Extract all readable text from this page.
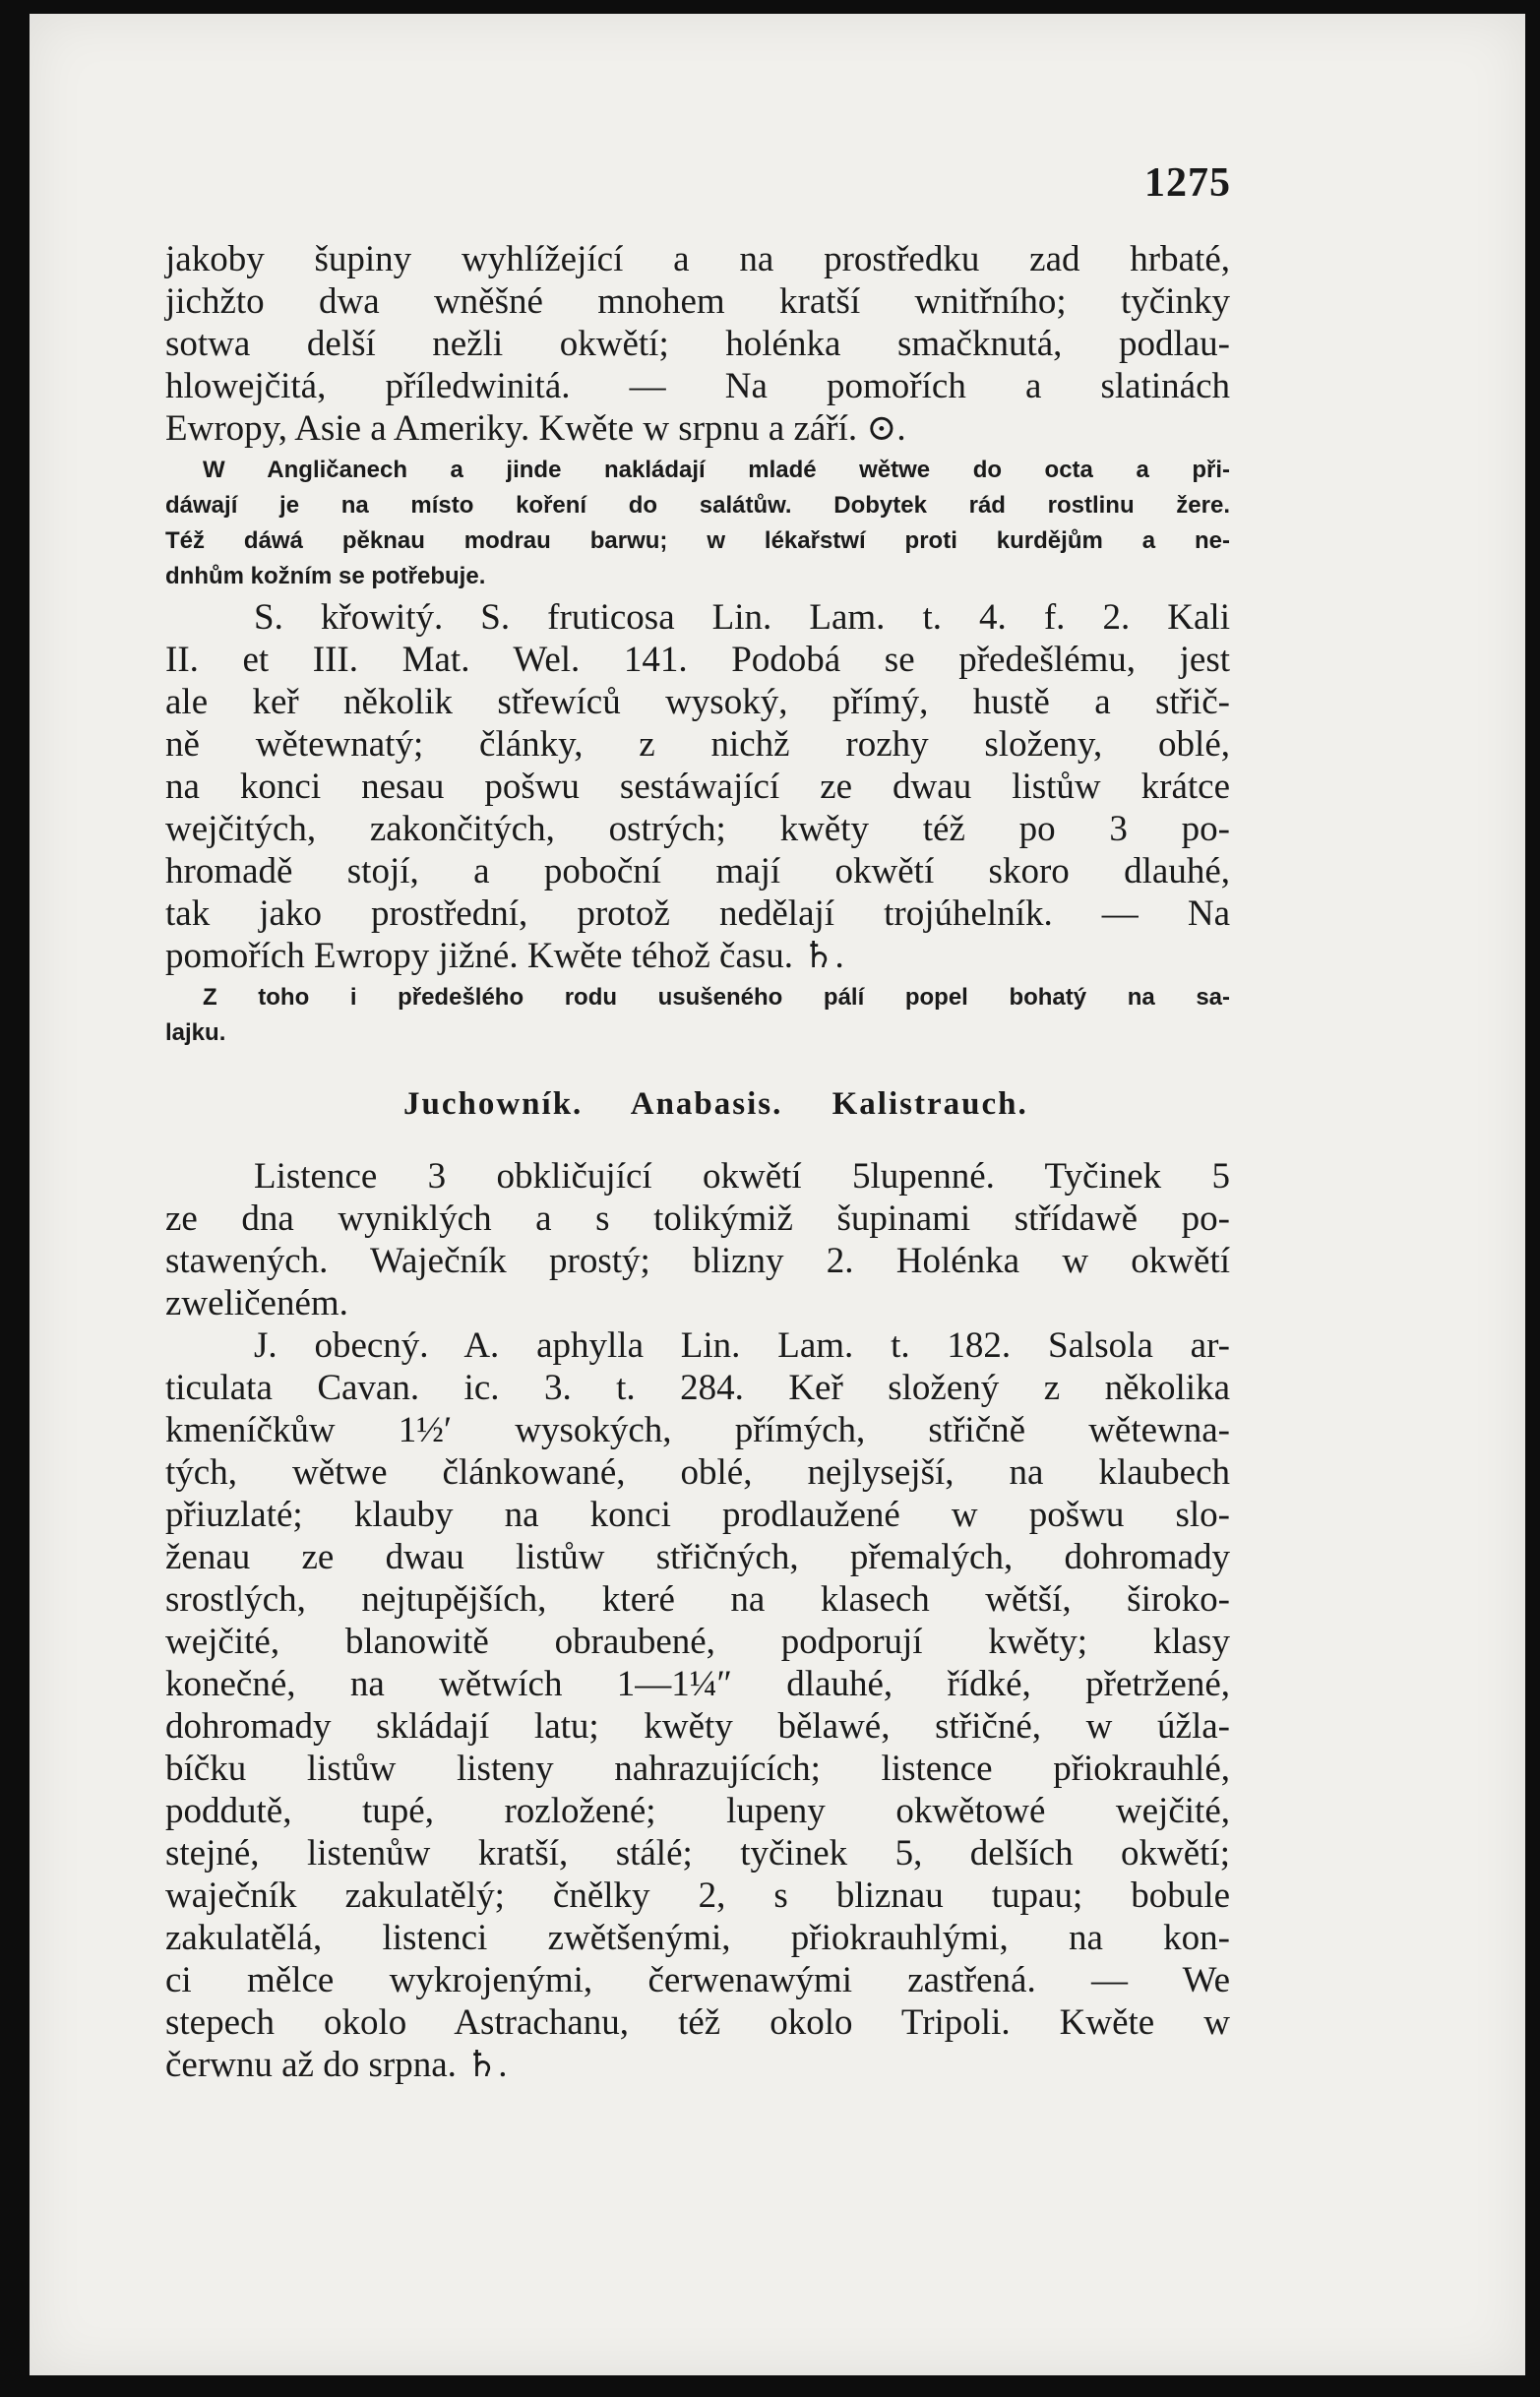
1275
jakoby šupiny wyhlížející a na prostředku zad hrbaté,
jichžto dwa wněšné mnohem kratší wnitřního; tyčinky
sotwa delší nežli okwětí; holénka smačknutá, podlau-
hlowejčitá, příledwinitá. — Na pomořích a slatinách
Ewropy, Asie a Ameriky. Kwěte w srpnu a září. ⊙.
W Angličanech a jinde nakládají mladé wětwe do octa a při-
dáwají je na místo koření do salátůw. Dobytek rád rostlinu žere.
Též dáwá pěknau modrau barwu; w lékařstwí proti kurdějům a ne-
dnhům kožním se potřebuje.
S. křowitý. S. fruticosa Lin. Lam. t. 4. f. 2. Kali
II. et III. Mat. Wel. 141. Podobá se předešlému, jest
ale keř několik střewíců wysoký, přímý, hustě a střič-
ně wětewnatý; články, z nichž rozhy složeny, oblé,
na konci nesau pošwu sestáwající ze dwau listůw krátce
wejčitých, zakončitých, ostrých; kwěty též po 3 po-
hromadě stojí, a poboční mají okwětí skoro dlauhé,
tak jako prostřední, protož nedělají trojúhelník. — Na
pomořích Ewropy jižné. Kwěte téhož času. ♄.
Z toho i předešlého rodu usušeného pálí popel bohatý na sa-
lajku.
Juchowník. Anabasis. Kalistrauch.
Listence 3 obkličující okwětí 5lupenné. Tyčinek 5
ze dna wyniklých a s tolikýmiž šupinami střídawě po-
stawených. Waječník prostý; blizny 2. Holénka w okwětí
zweličeném.
J. obecný. A. aphylla Lin. Lam. t. 182. Salsola ar-
ticulata Cavan. ic. 3. t. 284. Keř složený z několika
kmeníčkůw 1½′ wysokých, přímých, střičně wětewna-
tých, wětwe článkowané, oblé, nejlysejší, na klaubech
přiuzlaté; klauby na konci prodlaužené w pošwu slo-
ženau ze dwau listůw střičných, přemalých, dohromady
srostlých, nejtupějších, které na klasech wětší, široko-
wejčité, blanowitě obraubené, podporují kwěty; klasy
konečné, na wětwích 1—1¼″ dlauhé, řídké, přetržené,
dohromady skládají latu; kwěty bělawé, střičné, w úžla-
bíčku listůw listeny nahrazujících; listence přiokrauhlé,
poddutě, tupé, rozložené; lupeny okwětowé wejčité,
stejné, listenůw kratší, stálé; tyčinek 5, delších okwětí;
waječník zakulatělý; čnělky 2, s bliznau tupau; bobule
zakulatělá, listenci zwětšenými, přiokrauhlými, na kon-
ci mělce wykrojenými, čerwenawými zastřená. — We
stepech okolo Astrachanu, též okolo Tripoli. Kwěte w
čerwnu až do srpna. ♄.
